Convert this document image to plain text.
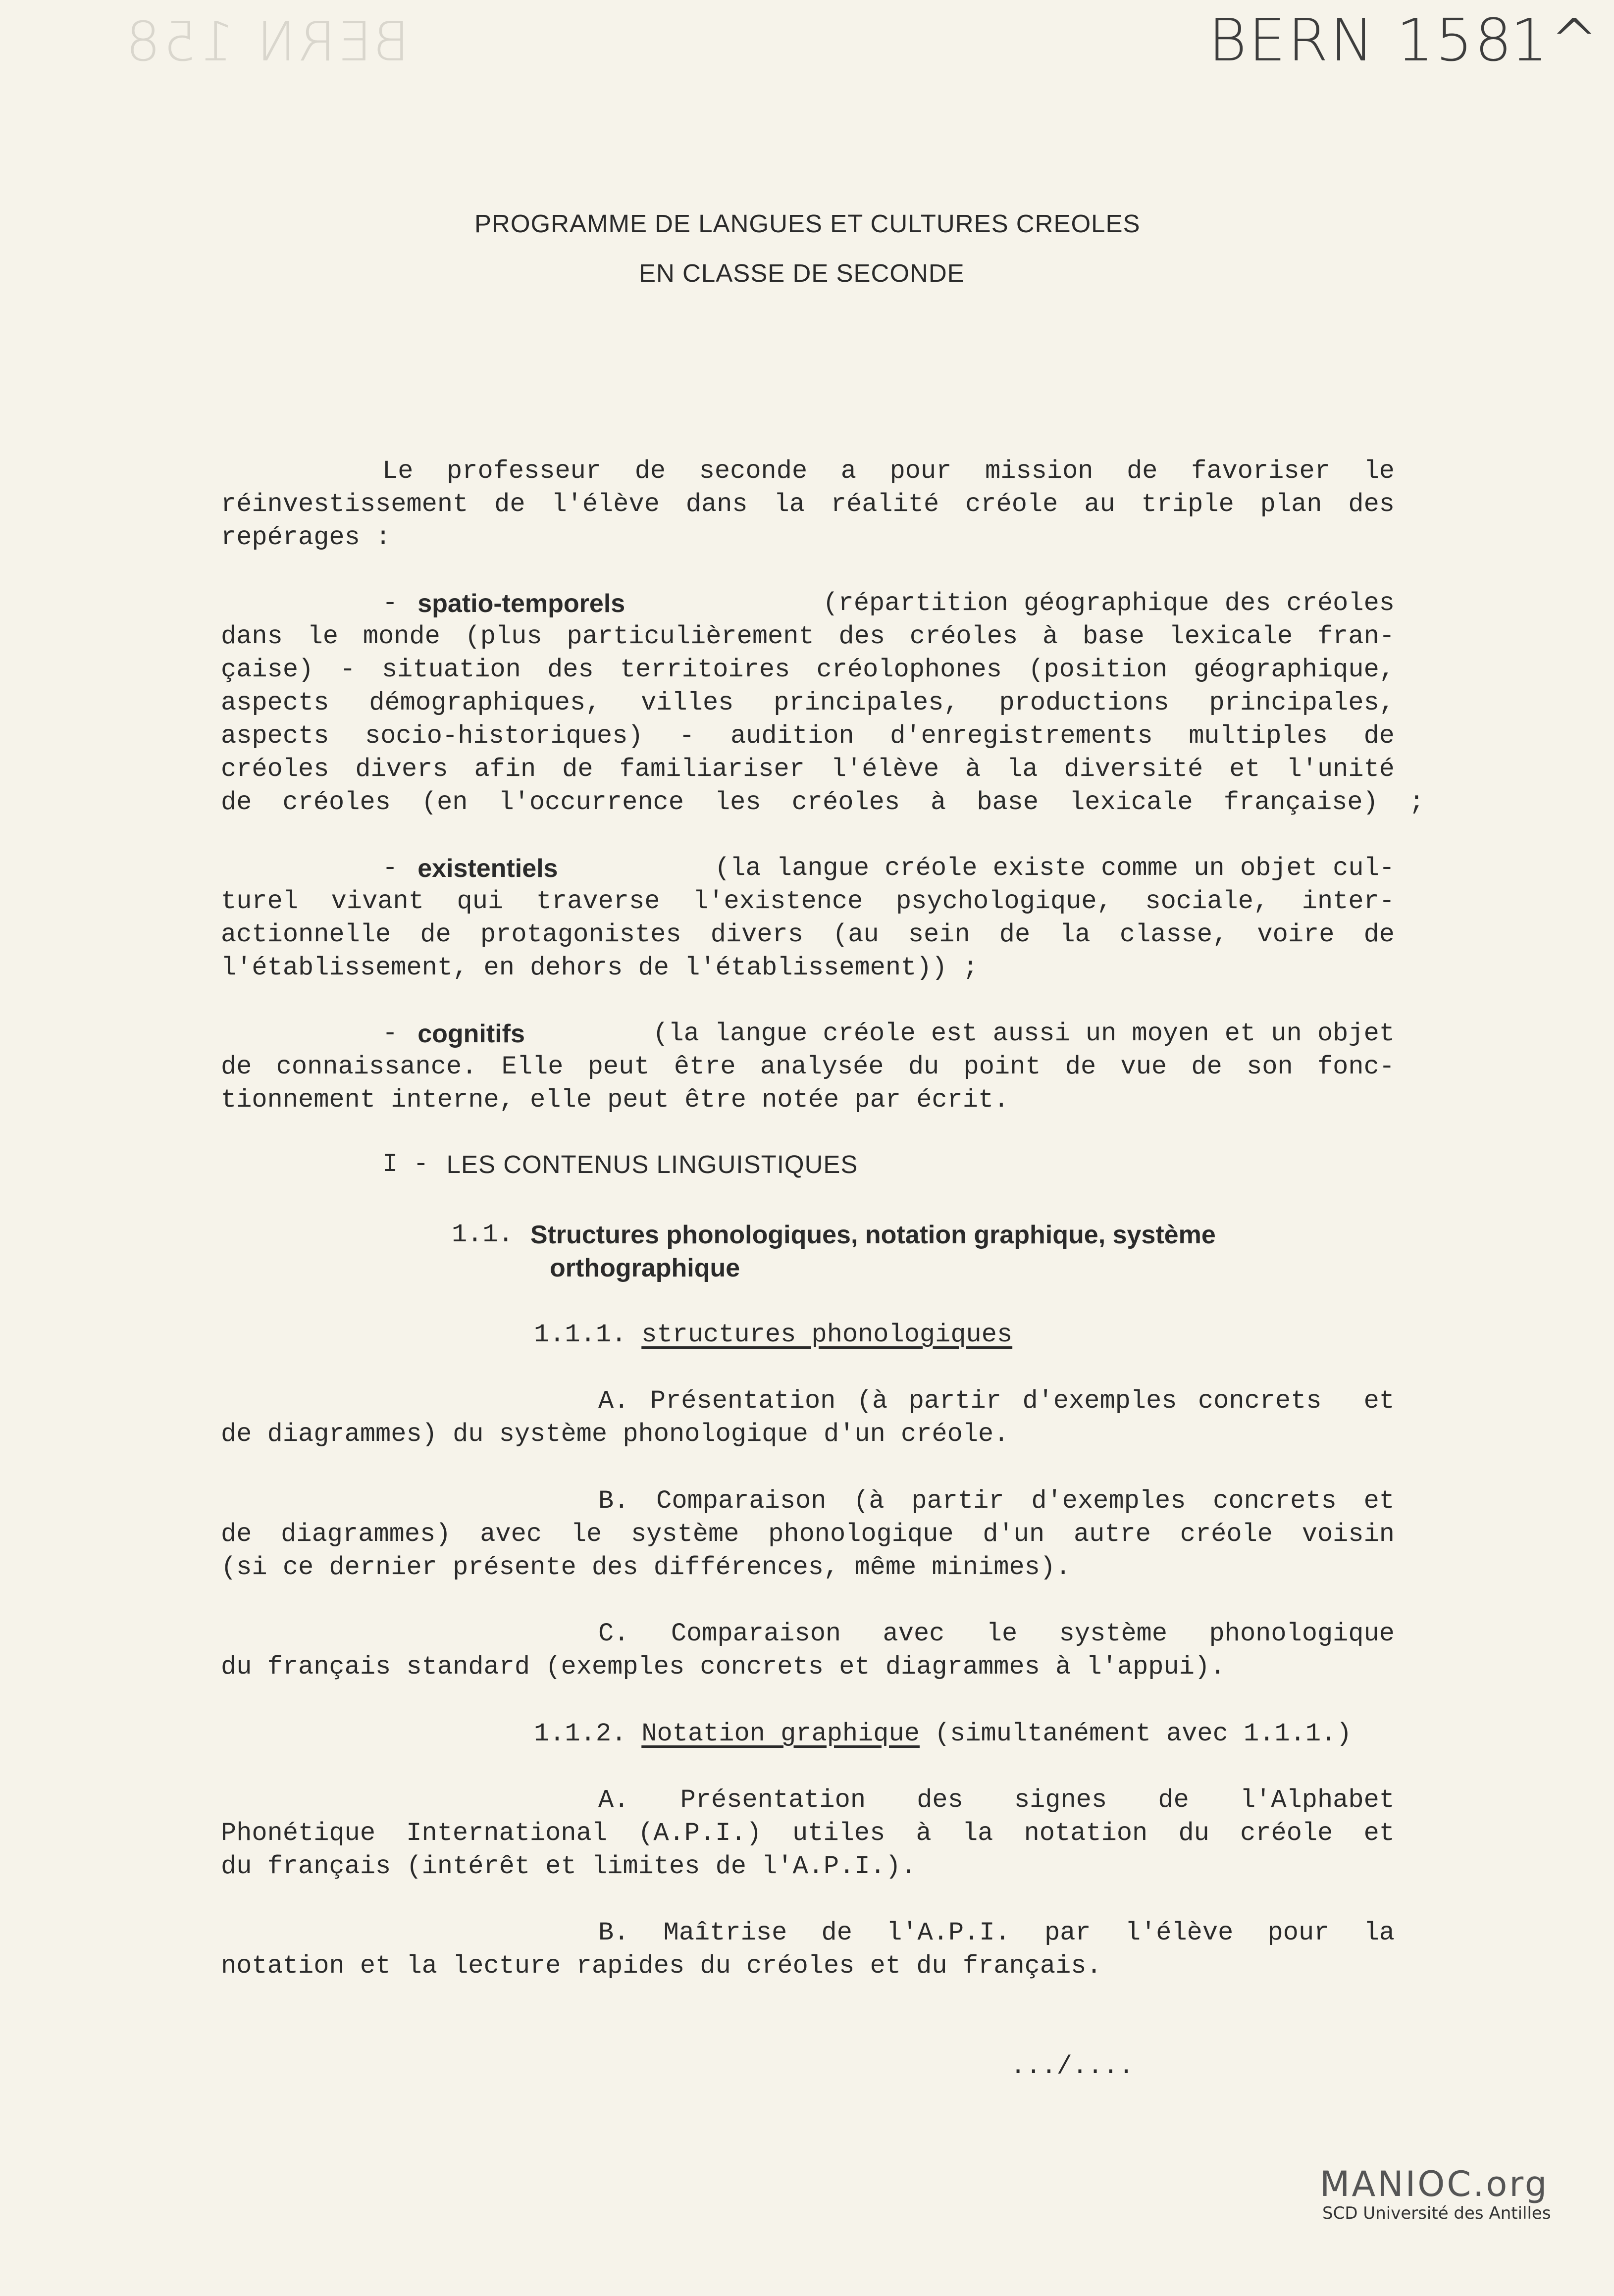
BERN 158	BERN 158
1^

PROGRAMME DE LANGUES ET CULTURES CREOLES

EN CLASSE DE SECONDE

Le professeur de seconde a pour mission de favoriser le

réinvestissement de l'élève dans la réalité créole au triple plan des

repérages :

- spatio-temporels	(répartition géographique des créoles

dans le monde (plus particulièrement des créoles à base lexicale fran-

çaise) - situation des territoires créolophones (position géographique,

aspects démographiques, villes principales, productions principales,

aspects socio-historiques) - audition d'enregistrements multiples de

créoles divers afin de familiariser l'élève à la diversité et l'unité

de créoles (en l'occurrence les créoles à base lexicale française) ;

- existentiels	(la langue créole existe comme un objet cul-

turel vivant qui traverse l'existence psychologique, sociale, inter-

actionnelle de protagonistes divers (au sein de la classe, voire de

l'établissement, en dehors de l'établissement)) ;

- cognitifs	(la langue créole est aussi un moyen et un objet

de connaissance. Elle peut être analysée du point de vue de son fonc-

tionnement interne, elle peut être notée par écrit.

I - LES CONTENUS LINGUISTIQUES

1.1. Structures phonologiques, notation graphique, système

orthographique

1.1.1. structures phonologiques

A. Présentation (à partir d'exemples concrets  et

de diagrammes) du système phonologique d'un créole.

B. Comparaison (à partir d'exemples concrets et

de diagrammes) avec le système phonologique d'un autre créole voisin

(si ce dernier présente des différences, même minimes).

C. Comparaison avec le système phonologique

du français standard (exemples concrets et diagrammes à l'appui).

1.1.2. Notation graphique (simultanément avec 1.1.1.)

A. Présentation des signes de l'Alphabet

Phonétique International (A.P.I.) utiles à la notation du créole et

du français (intérêt et limites de l'A.P.I.).

B. Maîtrise de l'A.P.I. par l'élève pour la

notation et la lecture rapides du créoles et du français.

.../....

MANIOC.org
SCD Université des Antilles
